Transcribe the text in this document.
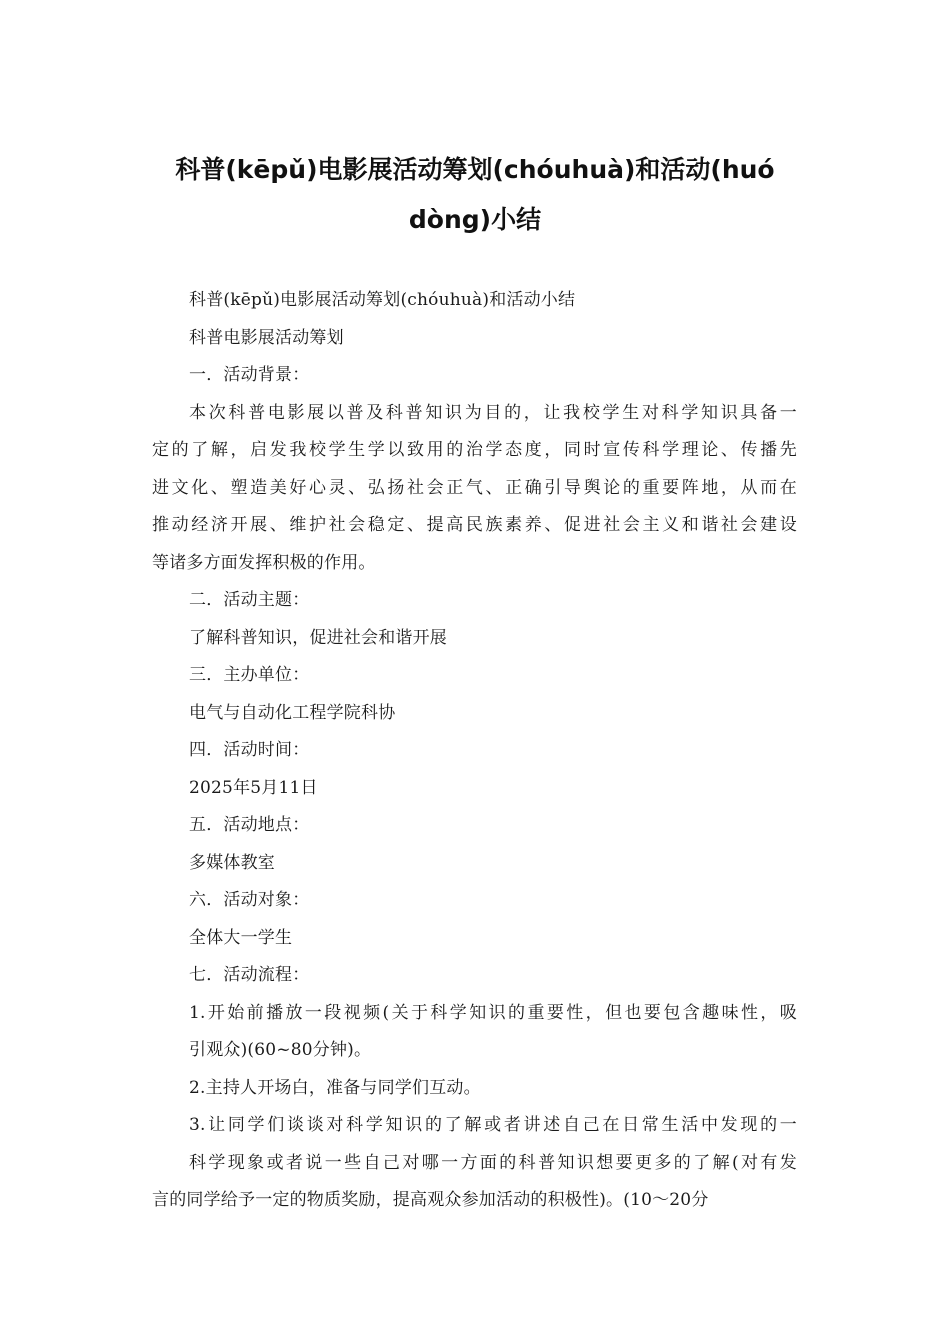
科普(kēpǔ)电影展活动筹划(chóuhuà)和活动(huó
dòng)小结
科普(kēpǔ)电影展活动筹划(chóuhuà)和活动小结
科普电影展活动筹划
一．活动背景：
本次科普电影展以普及科普知识为目的，让我校学生对科学知识具备一
定的了解，启发我校学生学以致用的治学态度，同时宣传科学理论、传播先
进文化、塑造美好心灵、弘扬社会正气、正确引导舆论的重要阵地，从而在
推动经济开展、维护社会稳定、提高民族素养、促进社会主义和谐社会建设
等诸多方面发挥积极的作用。
二．活动主题：
了解科普知识，促进社会和谐开展
三．主办单位：
电气与自动化工程学院科协
四．活动时间：
2025年5月11日
五．活动地点：
多媒体教室
六．活动对象：
全体大一学生
七．活动流程：
1.开始前播放一段视频(关于科学知识的重要性，但也要包含趣味性，吸
引观众)(60~80分钟)。
2.主持人开场白，准备与同学们互动。
3.让同学们谈谈对科学知识的了解或者讲述自己在日常生活中发现的一
科学现象或者说一些自己对哪一方面的科普知识想要更多的了解(对有发
言的同学给予一定的物质奖励，提高观众参加活动的积极性)。(10～20分
